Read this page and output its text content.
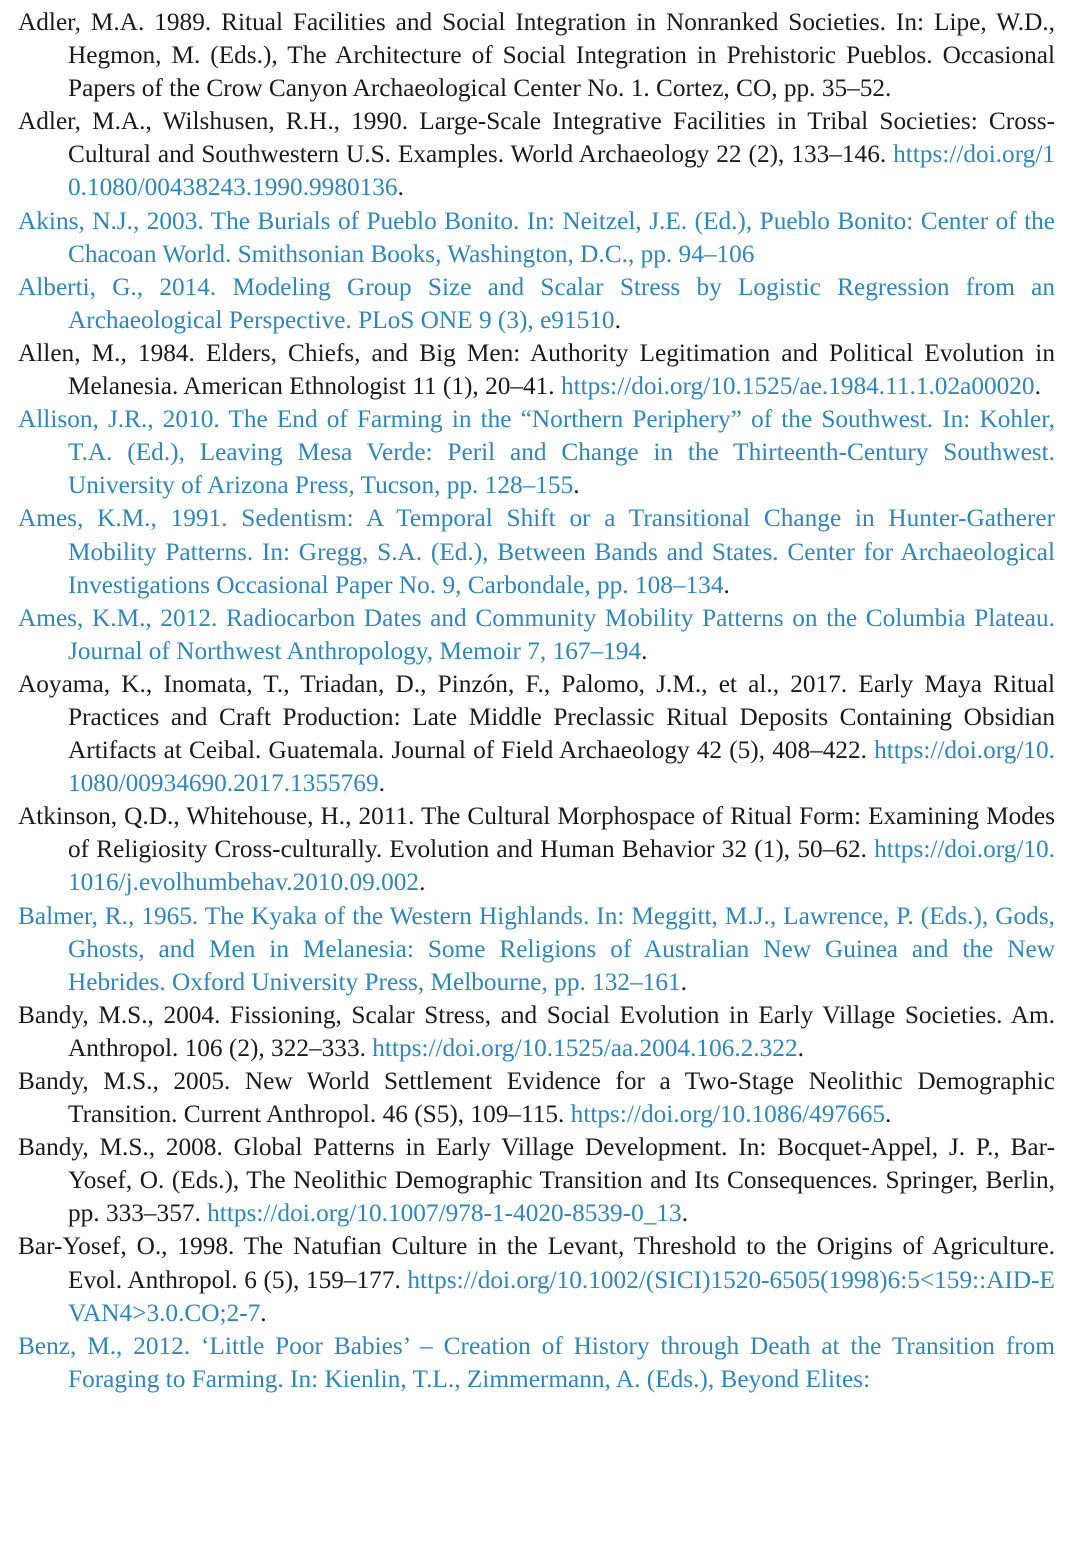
Adler, M.A. 1989. Ritual Facilities and Social Integration in Nonranked Societies. In: Lipe, W.D., Hegmon, M. (Eds.), The Architecture of Social Integration in Prehistoric Pueblos. Occasional Papers of the Crow Canyon Archaeological Center No. 1. Cortez, CO, pp. 35–52.
Adler, M.A., Wilshusen, R.H., 1990. Large-Scale Integrative Facilities in Tribal Societies: Cross-Cultural and Southwestern U.S. Examples. World Archaeology 22 (2), 133–146. https://doi.org/10.1080/00438243.1990.9980136.
Akins, N.J., 2003. The Burials of Pueblo Bonito. In: Neitzel, J.E. (Ed.), Pueblo Bonito: Center of the Chacoan World. Smithsonian Books, Washington, D.C., pp. 94–106
Alberti, G., 2014. Modeling Group Size and Scalar Stress by Logistic Regression from an Archaeological Perspective. PLoS ONE 9 (3), e91510.
Allen, M., 1984. Elders, Chiefs, and Big Men: Authority Legitimation and Political Evolution in Melanesia. American Ethnologist 11 (1), 20–41. https://doi.org/10.1525/ae.1984.11.1.02a00020.
Allison, J.R., 2010. The End of Farming in the “Northern Periphery” of the Southwest. In: Kohler, T.A. (Ed.), Leaving Mesa Verde: Peril and Change in the Thirteenth-Century Southwest. University of Arizona Press, Tucson, pp. 128–155.
Ames, K.M., 1991. Sedentism: A Temporal Shift or a Transitional Change in Hunter-Gatherer Mobility Patterns. In: Gregg, S.A. (Ed.), Between Bands and States. Center for Archaeological Investigations Occasional Paper No. 9, Carbondale, pp. 108–134.
Ames, K.M., 2012. Radiocarbon Dates and Community Mobility Patterns on the Columbia Plateau. Journal of Northwest Anthropology, Memoir 7, 167–194.
Aoyama, K., Inomata, T., Triadan, D., Pinzón, F., Palomo, J.M., et al., 2017. Early Maya Ritual Practices and Craft Production: Late Middle Preclassic Ritual Deposits Containing Obsidian Artifacts at Ceibal. Guatemala. Journal of Field Archaeology 42 (5), 408–422. https://doi.org/10.1080/00934690.2017.1355769.
Atkinson, Q.D., Whitehouse, H., 2011. The Cultural Morphospace of Ritual Form: Examining Modes of Religiosity Cross-culturally. Evolution and Human Behavior 32 (1), 50–62. https://doi.org/10.1016/j.evolhumbehav.2010.09.002.
Balmer, R., 1965. The Kyaka of the Western Highlands. In: Meggitt, M.J., Lawrence, P. (Eds.), Gods, Ghosts, and Men in Melanesia: Some Religions of Australian New Guinea and the New Hebrides. Oxford University Press, Melbourne, pp. 132–161.
Bandy, M.S., 2004. Fissioning, Scalar Stress, and Social Evolution in Early Village Societies. Am. Anthropol. 106 (2), 322–333. https://doi.org/10.1525/aa.2004.106.2.322.
Bandy, M.S., 2005. New World Settlement Evidence for a Two-Stage Neolithic Demographic Transition. Current Anthropol. 46 (S5), 109–115. https://doi.org/10.1086/497665.
Bandy, M.S., 2008. Global Patterns in Early Village Development. In: Bocquet-Appel, J. P., Bar-Yosef, O. (Eds.), The Neolithic Demographic Transition and Its Consequences. Springer, Berlin, pp. 333–357. https://doi.org/10.1007/978-1-4020-8539-0_13.
Bar-Yosef, O., 1998. The Natufian Culture in the Levant, Threshold to the Origins of Agriculture. Evol. Anthropol. 6 (5), 159–177. https://doi.org/10.1002/(SICI)1520-6505(1998)6:5<159::AID-EVAN4>3.0.CO;2-7.
Benz, M., 2012. ‘Little Poor Babies’ – Creation of History through Death at the Transition from Foraging to Farming. In: Kienlin, T.L., Zimmermann, A. (Eds.), Beyond Elites:
